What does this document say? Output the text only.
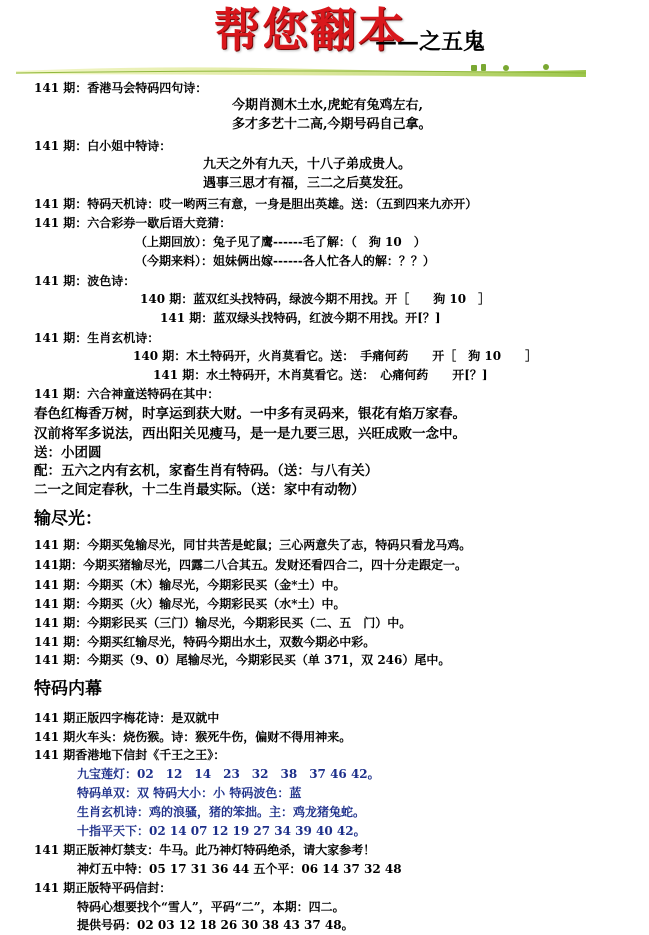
帮您翻本
——之五鬼
141 期：香港马会特码四句诗：
今期肖测木土水,虎蛇有兔鸡左右,
多才多艺十二高,今期号码自己拿。
141 期：白小姐中特诗：
九天之外有九天，十八子弟成贵人。
遇事三思才有福，三二之后莫发狂。
141 期：特码天机诗：哎一哟两三有意，一身是胆出英雄。送：（五到四来九亦开）
141 期：六合彩券一歇后语大竞猜：
（上期回放）：兔子见了鹰------毛了解：（　狗 10　）
（今期来料）：姐妹俩出嫁------各人忙各人的解：？？）
141 期：波色诗：
140 期：蓝双红头找特码，绿波今期不用找。开［　　狗 10　］
141 期：蓝双绿头找特码，红波今期不用找。开[？]
141 期：生肖玄机诗：
140 期：木土特码开，火肖莫看它。送：　手痛何药　　开［　狗 10　　］
141 期：水土特码开，木肖莫看它。送：　心痛何药　　开[？]
141 期：六合神童送特码在其中：
春色红梅香万树，时享运到获大财。一中多有灵码来，银花有焰万家春。
汉前将军多说法，西出阳关见瘦马，是一是九要三思，兴旺成败一念中。
送：小团圆
配：五六之内有玄机，家畜生肖有特码。（送：与八有关）
二一之间定春秋，十二生肖最实际。（送：家中有动物）
输尽光：
141 期：今期买兔输尽光，同甘共苦是蛇鼠；三心两意失了志，特码只看龙马鸡。
141期：今期买猪输尽光，四露二八合其五。发财还看四合二，四十分走跟定一。
141 期：今期买（木）输尽光，今期彩民买（金*土）中。
141 期：今期买（火）输尽光，今期彩民买（水*土）中。
141 期：今期彩民买（三门）输尽光，今期彩民买（二、五　门）中。
141 期：今期买红输尽光，特码今期出水土，双数今期必中彩。
141 期：今期买（9、0）尾输尽光，今期彩民买（单 371，双 246）尾中。
特码内幕
141 期正版四字梅花诗：是双就中
141 期火车头：烧伤猴。诗：猴死牛伤，偏财不得用神来。
141 期香港地下信封《千王之王》：
九宝莲灯：02　12　14　23　32　38　37 46 42。
特码单双：双 特码大小：小 特码波色：蓝
生肖玄机诗：鸡的浪骚，猪的笨拙。主：鸡龙猪兔蛇。
十指平天下：02 14 07 12 19 27 34 39 40 42。
141 期正版神灯禁支：牛马。此乃神灯特码绝杀，请大家参考！
神灯五中特：05 17 31 36 44 五个平：06 14 37 32 48
141 期正版特平码信封：
特码心想要找个“雪人”，平码“二”，本期：四二。
提供号码：02 03 12 18 26 30 38 43 37 48。
